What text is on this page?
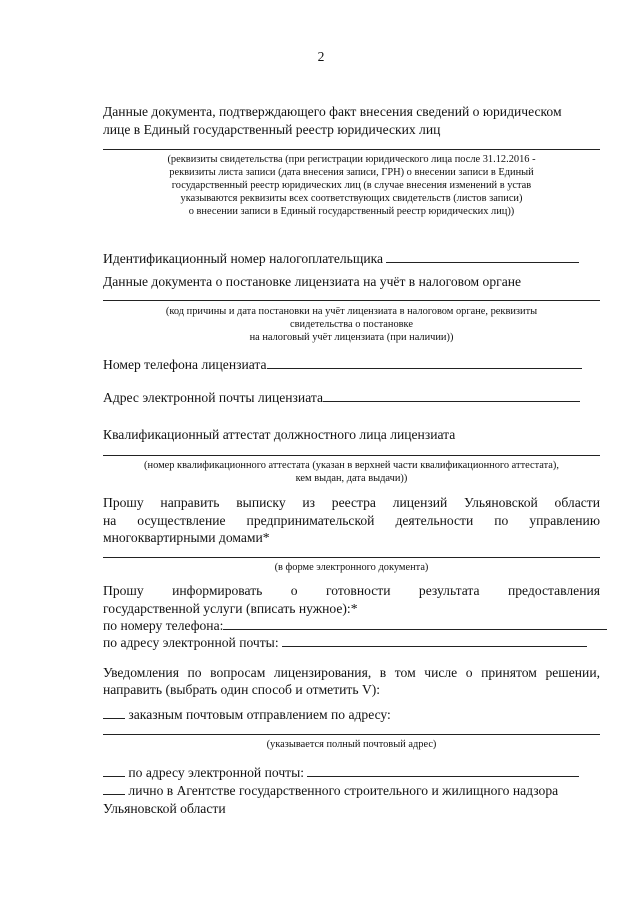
2
Данные документа, подтверждающего факт внесения сведений о юридическом
лице в Единый государственный реестр юридических лиц
(реквизиты свидетельства (при регистрации юридического лица после 31.12.2016 -
реквизиты листа записи (дата внесения записи, ГРН) о внесении записи в Единый
государственный реестр юридических лиц (в случае внесения изменений в устав
указываются реквизиты всех соответствующих свидетельств (листов записи)
о внесении записи в Единый государственный реестр юридических лиц))
Идентификационный номер налогоплательщика
Данные документа о постановке лицензиата на учёт в налоговом органе
(код причины и дата постановки на учёт лицензиата в налоговом органе, реквизиты
свидетельства о постановке
на налоговый учёт лицензиата (при наличии))
Номер телефона лицензиата
Адрес электронной почты лицензиата
Квалификационный аттестат должностного лица лицензиата
(номер квалификационного аттестата (указан в верхней части квалификационного аттестата),
кем выдан, дата выдачи))
Прошу направить выписку из реестра лицензий Ульяновской области
на осуществление предпринимательской деятельности по управлению
многоквартирными домами*
(в форме электронного документа)
Прошу информировать о готовности результата предоставления
государственной услуги (вписать нужное):*
по номеру телефона:
по адресу электронной почты:
Уведомления по вопросам лицензирования, в том числе о принятом решении,
направить (выбрать один способ и отметить V):
заказным почтовым отправлением по адресу:
(указывается полный почтовый адрес)
по адресу электронной почты:
лично в Агентстве государственного строительного и жилищного надзора
Ульяновской области
